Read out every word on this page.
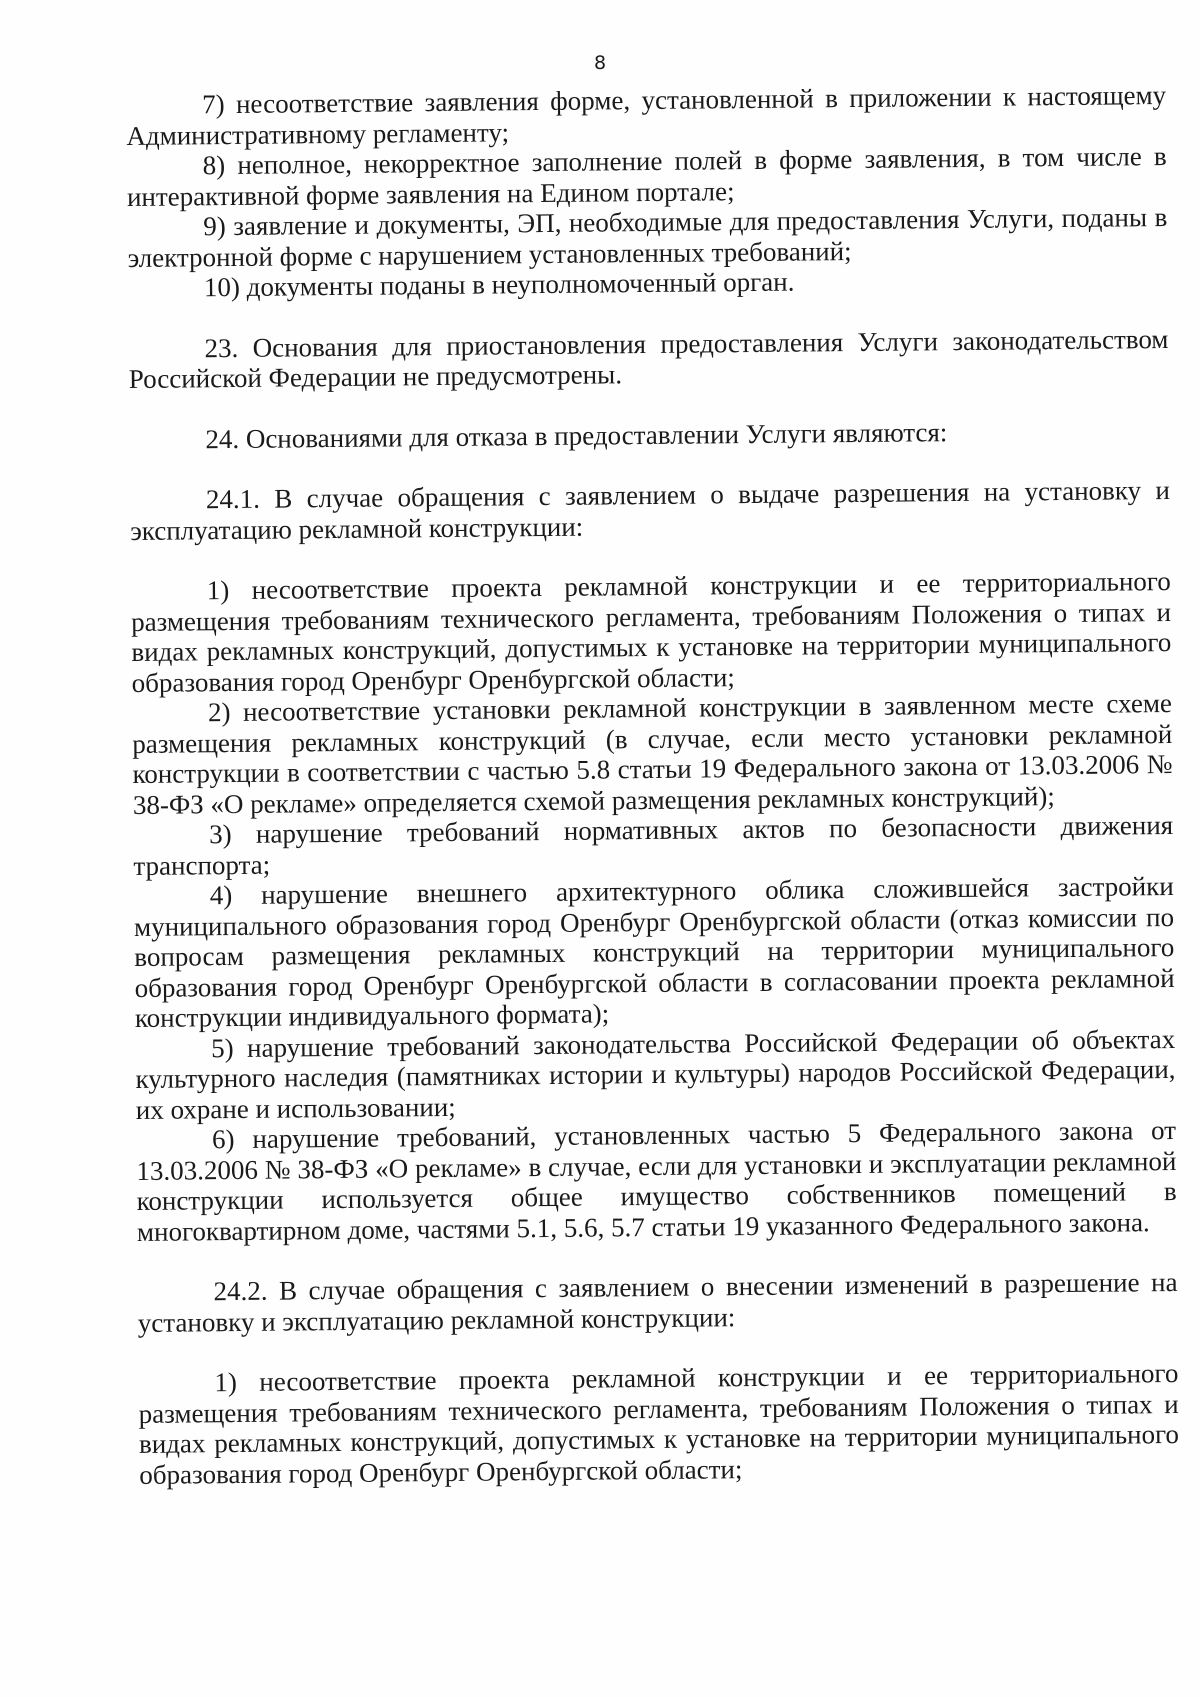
8

7) несоответствие заявления форме, установленной в приложении к настоящему Административному регламенту;

8) неполное, некорректное заполнение полей в форме заявления, в том числе в интерактивной форме заявления на Едином портале;

9) заявление и документы, ЭП, необходимые для предоставления Услуги, поданы в электронной форме с нарушением установленных требований;

10) документы поданы в неуполномоченный орган.

23. Основания для приостановления предоставления Услуги законодательством Российской Федерации не предусмотрены.

24. Основаниями для отказа в предоставлении Услуги являются:

24.1. В случае обращения с заявлением о выдаче разрешения на установку и эксплуатацию рекламной конструкции:

1) несоответствие проекта рекламной конструкции и ее территориального размещения требованиям технического регламента, требованиям Положения о типах и видах рекламных конструкций, допустимых к установке на территории муниципального образования город Оренбург Оренбургской области;

2) несоответствие установки рекламной конструкции в заявленном месте схеме размещения рекламных конструкций (в случае, если место установки рекламной конструкции в соответствии с частью 5.8 статьи 19 Федерального закона от 13.03.2006 № 38-ФЗ «О рекламе» определяется схемой размещения рекламных конструкций);

3) нарушение требований нормативных актов по безопасности движения транспорта;

4) нарушение внешнего архитектурного облика сложившейся застройки муниципального образования город Оренбург Оренбургской области (отказ комиссии по вопросам размещения рекламных конструкций на территории муниципального образования город Оренбург Оренбургской области в согласовании проекта рекламной конструкции индивидуального формата);

5) нарушение требований законодательства Российской Федерации об объектах культурного наследия (памятниках истории и культуры) народов Российской Федерации, их охране и использовании;

6) нарушение требований, установленных частью 5 Федерального закона от 13.03.2006 № 38-ФЗ «О рекламе» в случае, если для установки и эксплуатации рекламной конструкции используется общее имущество собственников помещений в многоквартирном доме, частями 5.1, 5.6, 5.7 статьи 19 указанного Федерального закона.

24.2. В случае обращения с заявлением о внесении изменений в разрешение на установку и эксплуатацию рекламной конструкции:

1) несоответствие проекта рекламной конструкции и ее территориального размещения требованиям технического регламента, требованиям Положения о типах и видах рекламных конструкций, допустимых к установке на территории муниципального образования город Оренбург Оренбургской области;
